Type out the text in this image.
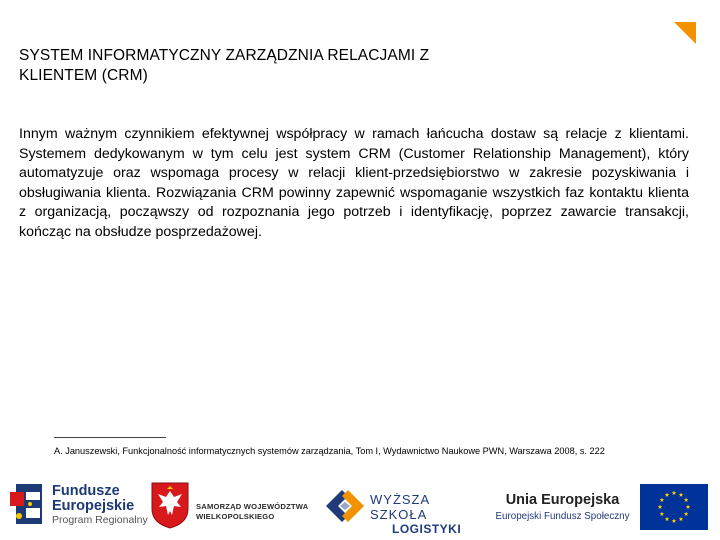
SYSTEM INFORMATYCZNY ZARZĄDZNIA RELACJAMI Z
KLIENTEM (CRM)
Innym ważnym czynnikiem efektywnej współpracy w ramach łańcucha dostaw są relacje z klientami. Systemem dedykowanym w tym celu jest system CRM (Customer Relationship Management), który automatyzuje oraz wspomaga procesy w relacji klient-przedsiębiorstwo w zakresie pozyskiwania i obsługiwania klienta. Rozwiązania CRM powinny zapewnić wspomaganie wszystkich faz kontaktu klienta z organizacją, począwszy od rozpoznania jego potrzeb i identyfikację, poprzez zawarcie transakcji, kończąc na obsłudze posprzedażowej.
A. Januszewski, Funkcjonalność informatycznych systemów zarządzania, Tom I, Wydawnictwo Naukowe PWN, Warszawa 2008, s. 222
Fundusze
Europejskie
Program Regionalny
SAMORZĄD WOJEWÓDZTWA
WIELKOPOLSKIEGO
WYŻSZA SZKOŁA
LOGISTYKI
Unia Europejska
Europejski Fundusz Społeczny
